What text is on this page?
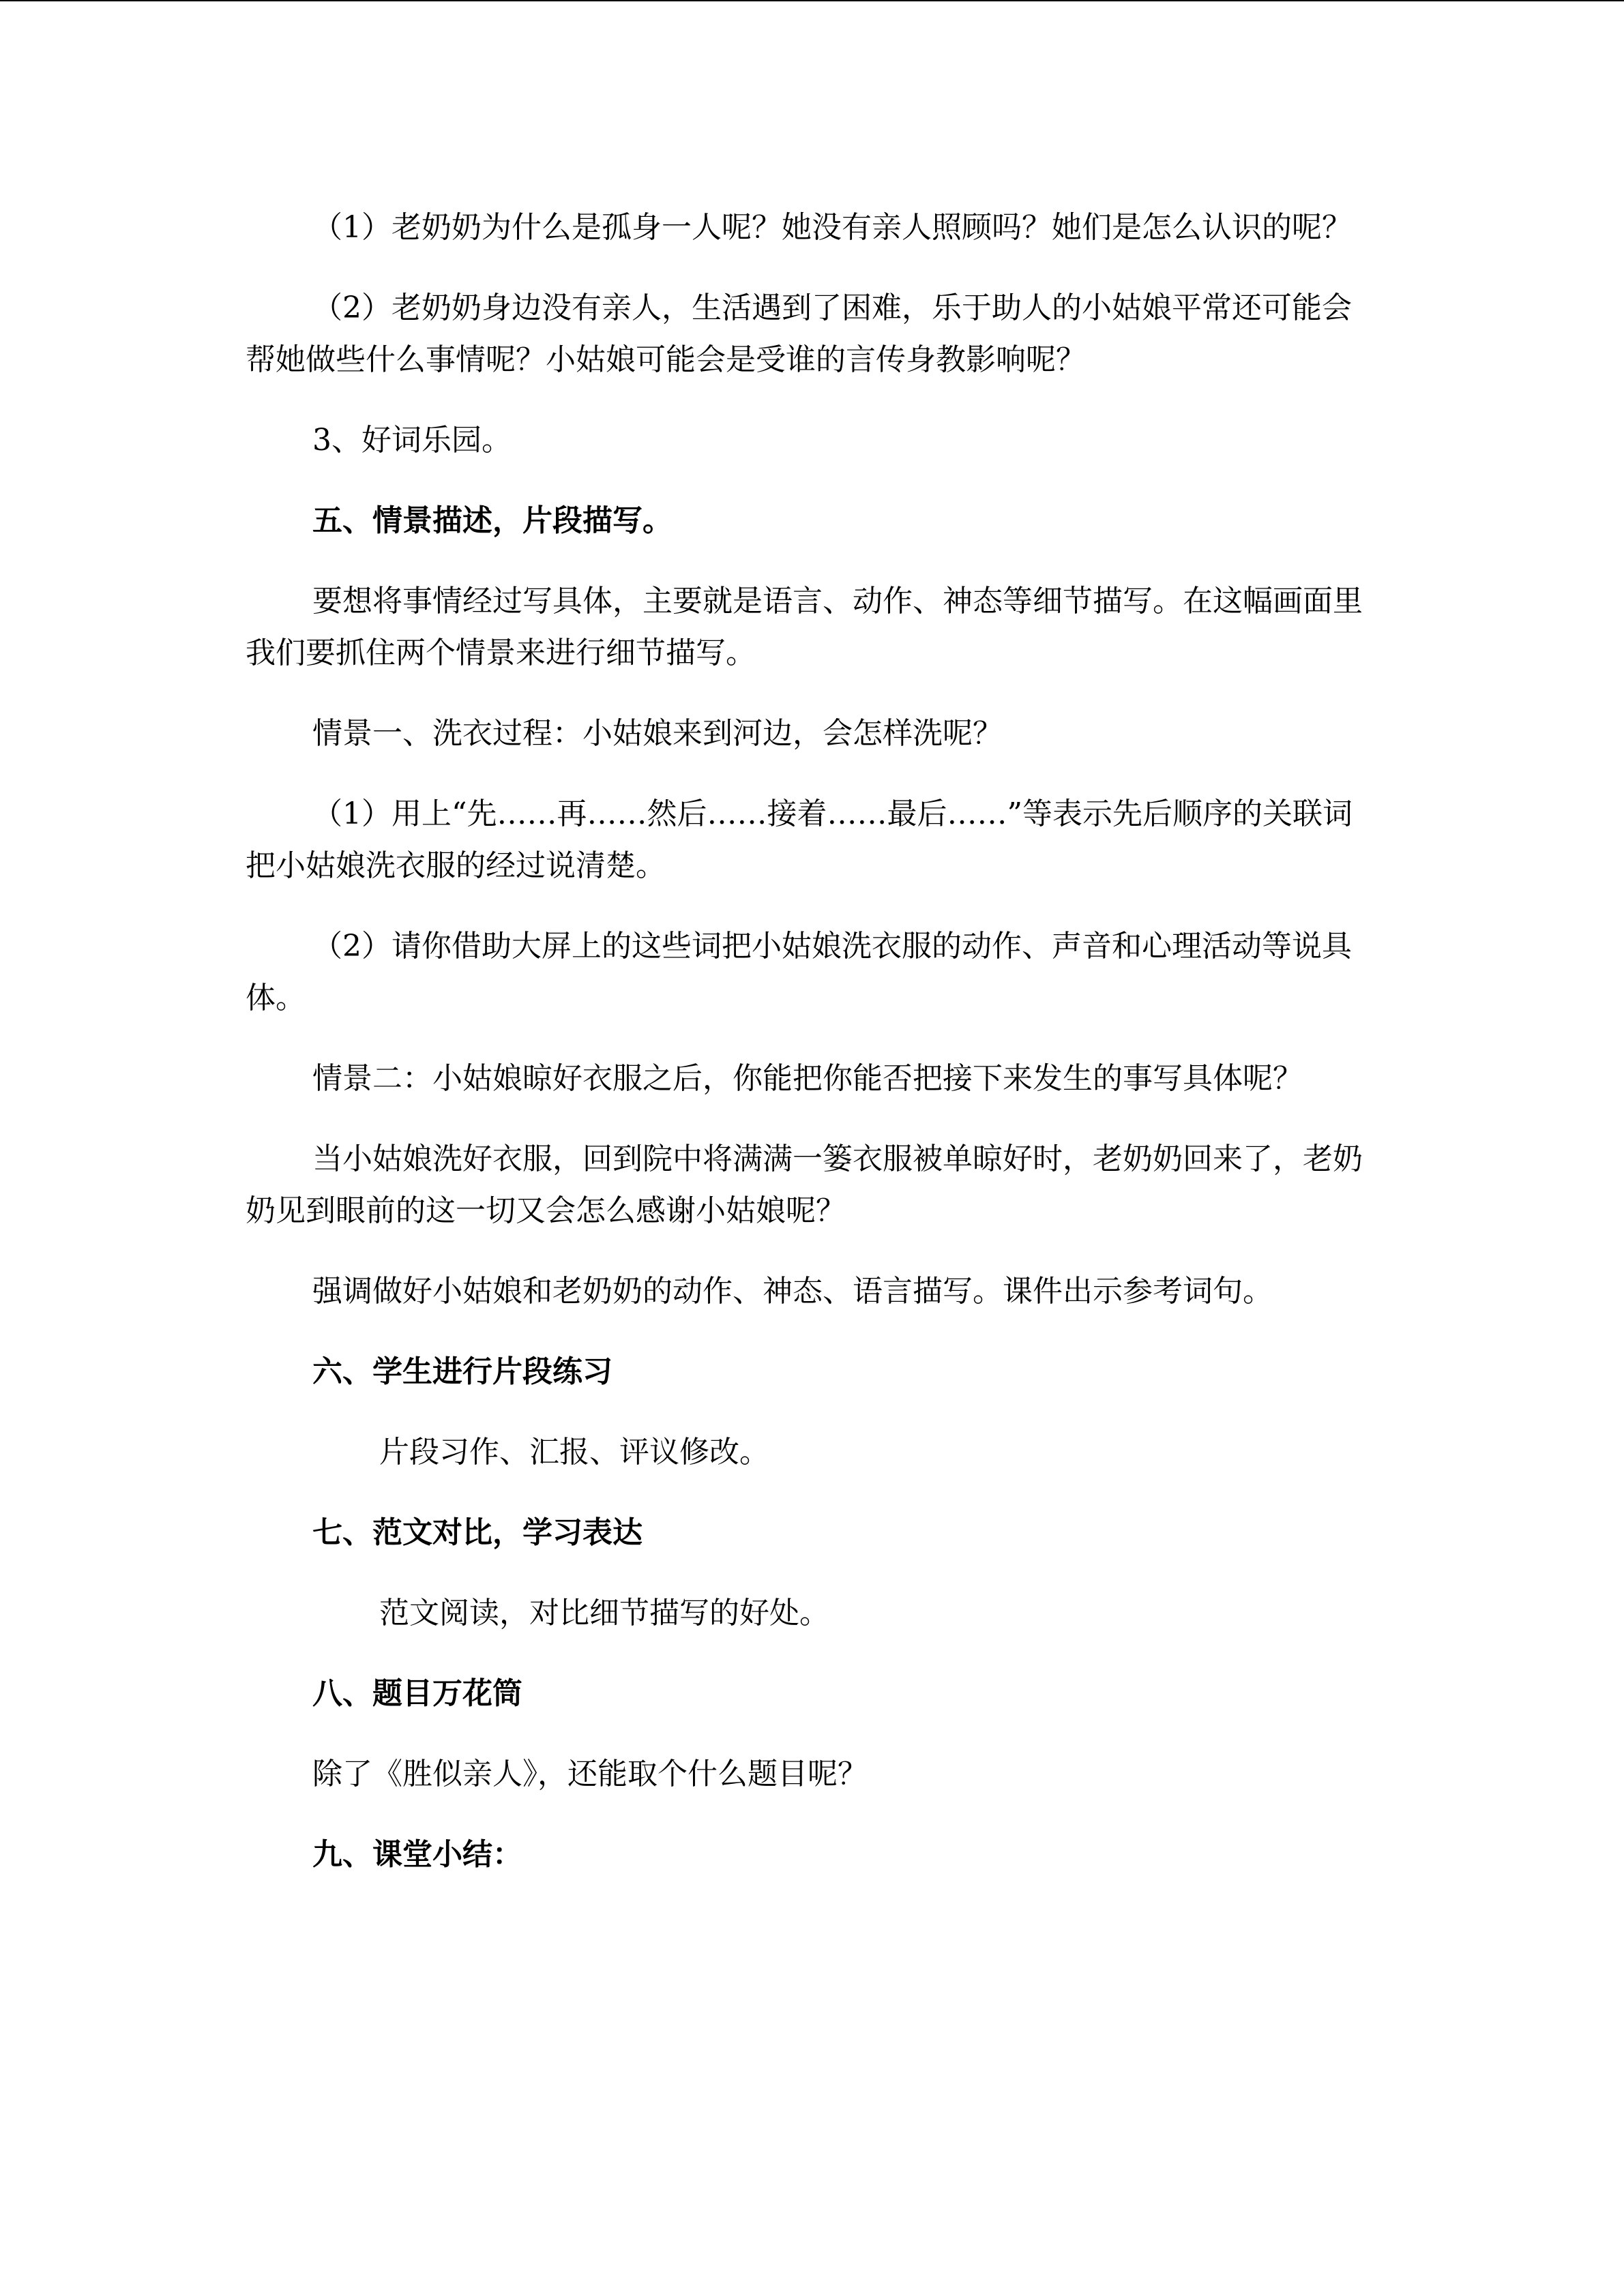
（1）老奶奶为什么是孤身一人呢？她没有亲人照顾吗？她们是怎么认识的呢？

（2）老奶奶身边没有亲人，生活遇到了困难，乐于助人的小姑娘平常还可能会帮她做些什么事情呢？小姑娘可能会是受谁的言传身教影响呢？

3、好词乐园。

五、情景描述，片段描写。

要想将事情经过写具体，主要就是语言、动作、神态等细节描写。在这幅画面里我们要抓住两个情景来进行细节描写。

情景一、洗衣过程：小姑娘来到河边，会怎样洗呢？

（1）用上“先……再……然后……接着……最后……”等表示先后顺序的关联词把小姑娘洗衣服的经过说清楚。

（2）请你借助大屏上的这些词把小姑娘洗衣服的动作、声音和心理活动等说具体。

情景二：小姑娘晾好衣服之后，你能把你能否把接下来发生的事写具体呢？

当小姑娘洗好衣服，回到院中将满满一篓衣服被单晾好时，老奶奶回来了，老奶奶见到眼前的这一切又会怎么感谢小姑娘呢？

强调做好小姑娘和老奶奶的动作、神态、语言描写。课件出示参考词句。

六、学生进行片段练习

片段习作、汇报、评议修改。

七、范文对比，学习表达

范文阅读，对比细节描写的好处。

八、题目万花筒

除了《胜似亲人》，还能取个什么题目呢？

九、课堂小结：
